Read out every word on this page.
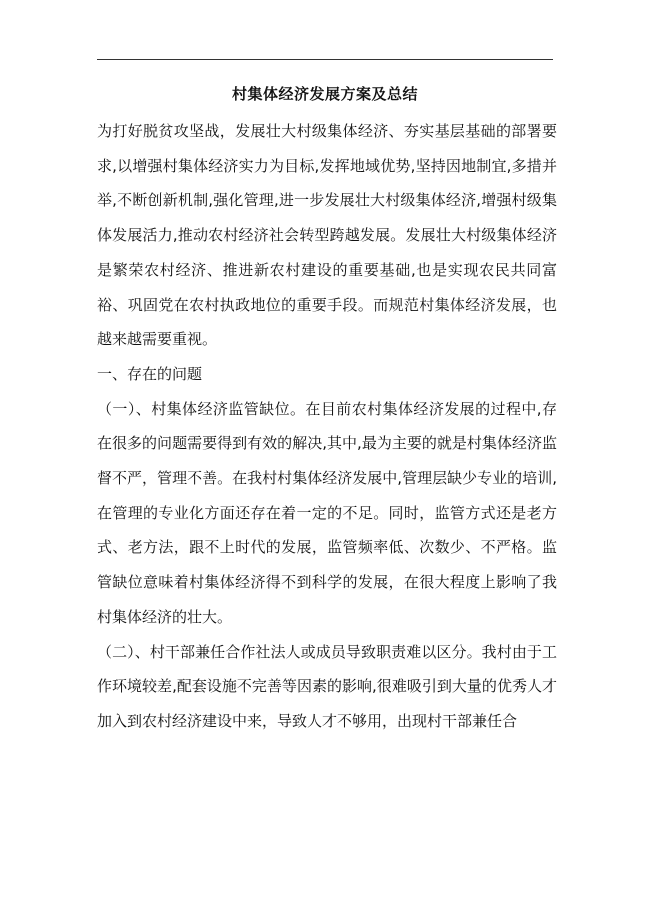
村集体经济发展方案及总结

为打好脱贫攻坚战，发展壮大村级集体经济、夯实基层基础的部署要求,以增强村集体经济实力为目标,发挥地域优势,坚持因地制宜,多措并举,不断创新机制,强化管理,进一步发展壮大村级集体经济,增强村级集体发展活力,推动农村经济社会转型跨越发展。发展壮大村级集体经济是繁荣农村经济、推进新农村建设的重要基础,也是实现农民共同富裕、巩固党在农村执政地位的重要手段。而规范村集体经济发展，也越来越需要重视。

一、存在的问题

（一）、村集体经济监管缺位。在目前农村集体经济发展的过程中,存在很多的问题需要得到有效的解决,其中,最为主要的就是村集体经济监督不严，管理不善。在我村村集体经济发展中,管理层缺少专业的培训,在管理的专业化方面还存在着一定的不足。同时，监管方式还是老方式、老方法，跟不上时代的发展，监管频率低、次数少、不严格。监管缺位意味着村集体经济得不到科学的发展，在很大程度上影响了我村集体经济的壮大。

（二）、村干部兼任合作社法人或成员导致职责难以区分。我村由于工作环境较差,配套设施不完善等因素的影响,很难吸引到大量的优秀人才加入到农村经济建设中来，导致人才不够用，出现村干部兼任合
